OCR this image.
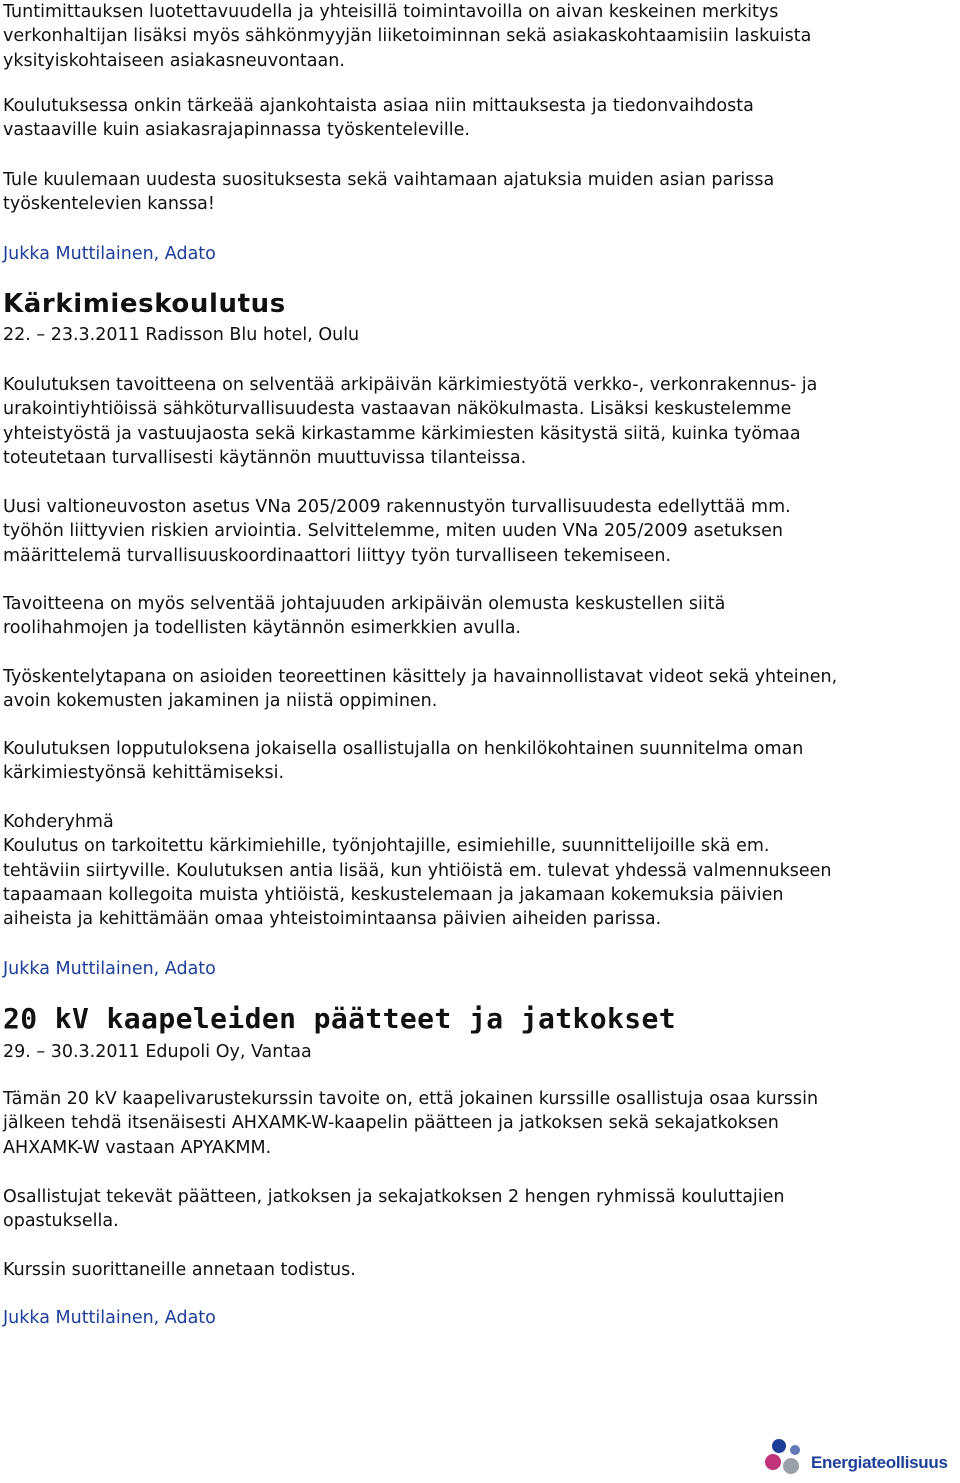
Tuntimittauksen luotettavuudella ja yhteisillä toimintavoilla on aivan keskeinen merkitys
verkonhaltijan lisäksi myös sähkönmyyjän liiketoiminnan sekä asiakaskohtaamisiin laskuista
yksityiskohtaiseen asiakasneuvontaan.
Koulutuksessa onkin tärkeää ajankohtaista asiaa niin mittauksesta ja tiedonvaihdosta
vastaaville kuin asiakasrajapinnassa työskenteleville.
Tule kuulemaan uudesta suosituksesta sekä vaihtamaan ajatuksia muiden asian parissa
työskentelevien kanssa!
Jukka Muttilainen, Adato
Kärkimieskoulutus
22. – 23.3.2011 Radisson Blu hotel, Oulu
Koulutuksen tavoitteena on selventää arkipäivän kärkimiestyötä verkko-, verkonrakennus- ja
urakointiyhtiöissä sähköturvallisuudesta vastaavan näkökulmasta. Lisäksi keskustelemme
yhteistyöstä ja vastuujaosta sekä kirkastamme kärkimiesten käsitystä siitä, kuinka työmaa
toteutetaan turvallisesti käytännön muuttuvissa tilanteissa.
Uusi valtioneuvoston asetus VNa 205/2009 rakennustyön turvallisuudesta edellyttää mm.
työhön liittyvien riskien arviointia. Selvittelemme, miten uuden VNa 205/2009 asetuksen
määrittelemä turvallisuuskoordinaattori liittyy työn turvalliseen tekemiseen.
Tavoitteena on myös selventää johtajuuden arkipäivän olemusta keskustellen siitä
roolihahmojen ja todellisten käytännön esimerkkien avulla.
Työskentelytapana on asioiden teoreettinen käsittely ja havainnollistavat videot sekä yhteinen,
avoin kokemusten jakaminen ja niistä oppiminen.
Koulutuksen lopputuloksena jokaisella osallistujalla on henkilökohtainen suunnitelma oman
kärkimiestyönsä kehittämiseksi.
Kohderyhmä
Koulutus on tarkoitettu kärkimiehille, työnjohtajille, esimiehille, suunnittelijoille skä em.
tehtäviin siirtyville. Koulutuksen antia lisää, kun yhtiöistä em. tulevat yhdessä valmennukseen
tapaamaan kollegoita muista yhtiöistä, keskustelemaan ja jakamaan kokemuksia päivien
aiheista ja kehittämään omaa yhteistoimintaansa päivien aiheiden parissa.
Jukka Muttilainen, Adato
20 kV kaapeleiden päätteet ja jatkokset
29. – 30.3.2011 Edupoli Oy, Vantaa
Tämän 20 kV kaapelivarustekurssin tavoite on, että jokainen kurssille osallistuja osaa kurssin
jälkeen tehdä itsenäisesti AHXAMK-W-kaapelin päätteen ja jatkoksen sekä sekajatkoksen
AHXAMK-W vastaan APYAKMM.
Osallistujat tekevät päätteen, jatkoksen ja sekajatkoksen 2 hengen ryhmissä kouluttajien
opastuksella.
Kurssin suorittaneille annetaan todistus.
Jukka Muttilainen, Adato
Energiateollisuus
